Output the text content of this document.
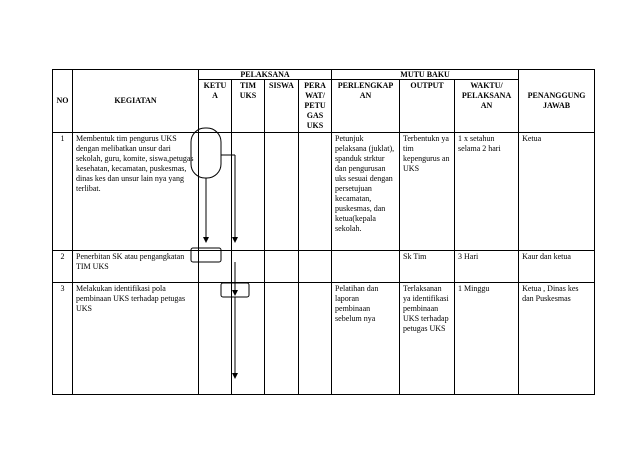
NO	KEGIATAN	PELAKSANA				MUTU BAKU			PENANGGUNG JAWAB
		KETU A	TIM UKS	SISWA	PERA WAT/ PETU GAS UKS	PERLENGKAP AN	OUTPUT	WAKTU/ PELAKSANA AN	
1	Membentuk tim pengurus UKS dengan melibatkan unsur dari sekolah, guru, komite, siswa,petugas kesehatan, kecamatan, puskesmas, dinas kes dan unsur lain nya yang terlibat.					Petunjuk pelaksana (juklat), spanduk strktur dan pengurusan uks sesuai dengan persetujuan kecamatan, puskesmas, dan ketua(kepala sekolah.	Terbentukn ya tim kepengurus an UKS	1 x setahun selama 2 hari	Ketua
2	Penerbitan SK atau pengangkatan TIM UKS						Sk Tim	3 Hari	Kaur dan ketua
3	Melakukan identifikasi pola pembinaan UKS terhadap petugas UKS					Pelatihan dan laporan pembinaan sebelum nya	Terlaksanan ya identifikasi pembinaan UKS terhadap petugas UKS	1 Minggu	Ketua , Dinas kes dan Puskesmas
